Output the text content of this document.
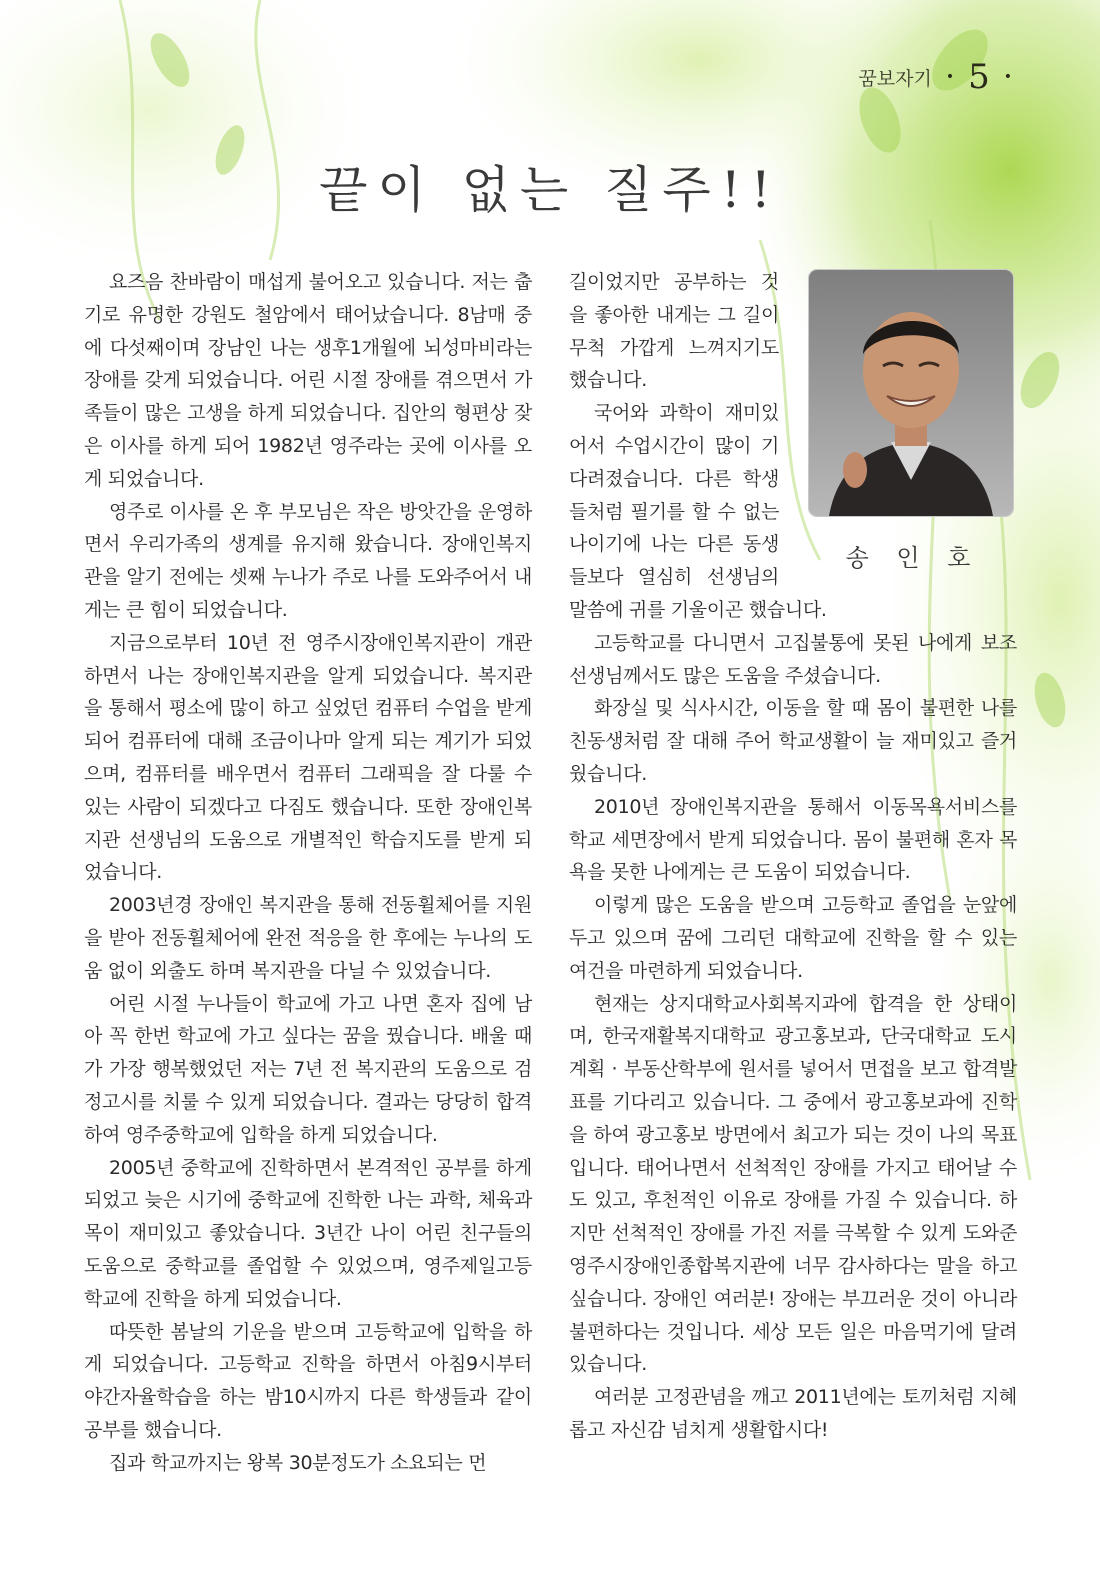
꿈보자기 • 5 •
끝이 없는 질주!!

요즈음 찬바람이 매섭게 불어오고 있습니다. 저는 춥기로 유명한 강원도 철암에서 태어났습니다. 8남매 중에 다섯째이며 장남인 나는 생후1개월에 뇌성마비라는 장애를 갖게 되었습니다. 어린 시절 장애를 겪으면서 가족들이 많은 고생을 하게 되었습니다. 집안의 형편상 잦은 이사를 하게 되어 1982년 영주라는 곳에 이사를 오게 되었습니다.

영주로 이사를 온 후 부모님은 작은 방앗간을 운영하면서 우리가족의 생계를 유지해 왔습니다. 장애인복지관을 알기 전에는 셋째 누나가 주로 나를 도와주어서 내게는 큰 힘이 되었습니다.

지금으로부터 10년 전 영주시장애인복지관이 개관하면서 나는 장애인복지관을 알게 되었습니다. 복지관을 통해서 평소에 많이 하고 싶었던 컴퓨터 수업을 받게 되어 컴퓨터에 대해 조금이나마 알게 되는 계기가 되었으며, 컴퓨터를 배우면서 컴퓨터 그래픽을 잘 다룰 수 있는 사람이 되겠다고 다짐도 했습니다. 또한 장애인복지관 선생님의 도움으로 개별적인 학습지도를 받게 되었습니다.

2003년경 장애인 복지관을 통해 전동휠체어를 지원을 받아 전동휠체어에 완전 적응을 한 후에는 누나의 도움 없이 외출도 하며 복지관을 다닐 수 있었습니다.

어린 시절 누나들이 학교에 가고 나면 혼자 집에 남아 꼭 한번 학교에 가고 싶다는 꿈을 꿨습니다. 배울 때가 가장 행복했었던 저는 7년 전 복지관의 도움으로 검정고시를 치룰 수 있게 되었습니다. 결과는 당당히 합격하여 영주중학교에 입학을 하게 되었습니다.

2005년 중학교에 진학하면서 본격적인 공부를 하게 되었고 늦은 시기에 중학교에 진학한 나는 과학, 체육과목이 재미있고 좋았습니다. 3년간 나이 어린 친구들의 도움으로 중학교를 졸업할 수 있었으며, 영주제일고등학교에 진학을 하게 되었습니다.

따뜻한 봄날의 기운을 받으며 고등학교에 입학을 하게 되었습니다. 고등학교 진학을 하면서 아침9시부터 야간자율학습을 하는 밤10시까지 다른 학생들과 같이 공부를 했습니다.

집과 학교까지는 왕복 30분정도가 소요되는 먼

송 인 호

길이었지만 공부하는 것을 좋아한 내게는 그 길이 무척 가깝게 느껴지기도 했습니다.

국어와 과학이 재미있어서 수업시간이 많이 기다려졌습니다. 다른 학생들처럼 필기를 할 수 없는 나이기에 나는 다른 동생들보다 열심히 선생님의 말씀에 귀를 기울이곤 했습니다.

고등학교를 다니면서 고집불통에 못된 나에게 보조 선생님께서도 많은 도움을 주셨습니다.

화장실 및 식사시간, 이동을 할 때 몸이 불편한 나를 친동생처럼 잘 대해 주어 학교생활이 늘 재미있고 즐거웠습니다.

2010년 장애인복지관을 통해서 이동목욕서비스를 학교 세면장에서 받게 되었습니다. 몸이 불편해 혼자 목욕을 못한 나에게는 큰 도움이 되었습니다.

이렇게 많은 도움을 받으며 고등학교 졸업을 눈앞에 두고 있으며 꿈에 그리던 대학교에 진학을 할 수 있는 여건을 마련하게 되었습니다.

현재는 상지대학교사회복지과에 합격을 한 상태이며, 한국재활복지대학교 광고홍보과, 단국대학교 도시계획 · 부동산학부에 원서를 넣어서 면접을 보고 합격발표를 기다리고 있습니다. 그 중에서 광고홍보과에 진학을 하여 광고홍보 방면에서 최고가 되는 것이 나의 목표입니다. 태어나면서 선척적인 장애를 가지고 태어날 수도 있고, 후천적인 이유로 장애를 가질 수 있습니다. 하지만 선척적인 장애를 가진 저를 극복할 수 있게 도와준 영주시장애인종합복지관에 너무 감사하다는 말을 하고 싶습니다. 장애인 여러분! 장애는 부끄러운 것이 아니라 불편하다는 것입니다. 세상 모든 일은 마음먹기에 달려 있습니다.

여러분 고정관념을 깨고 2011년에는 토끼처럼 지혜롭고 자신감 넘치게 생활합시다!
